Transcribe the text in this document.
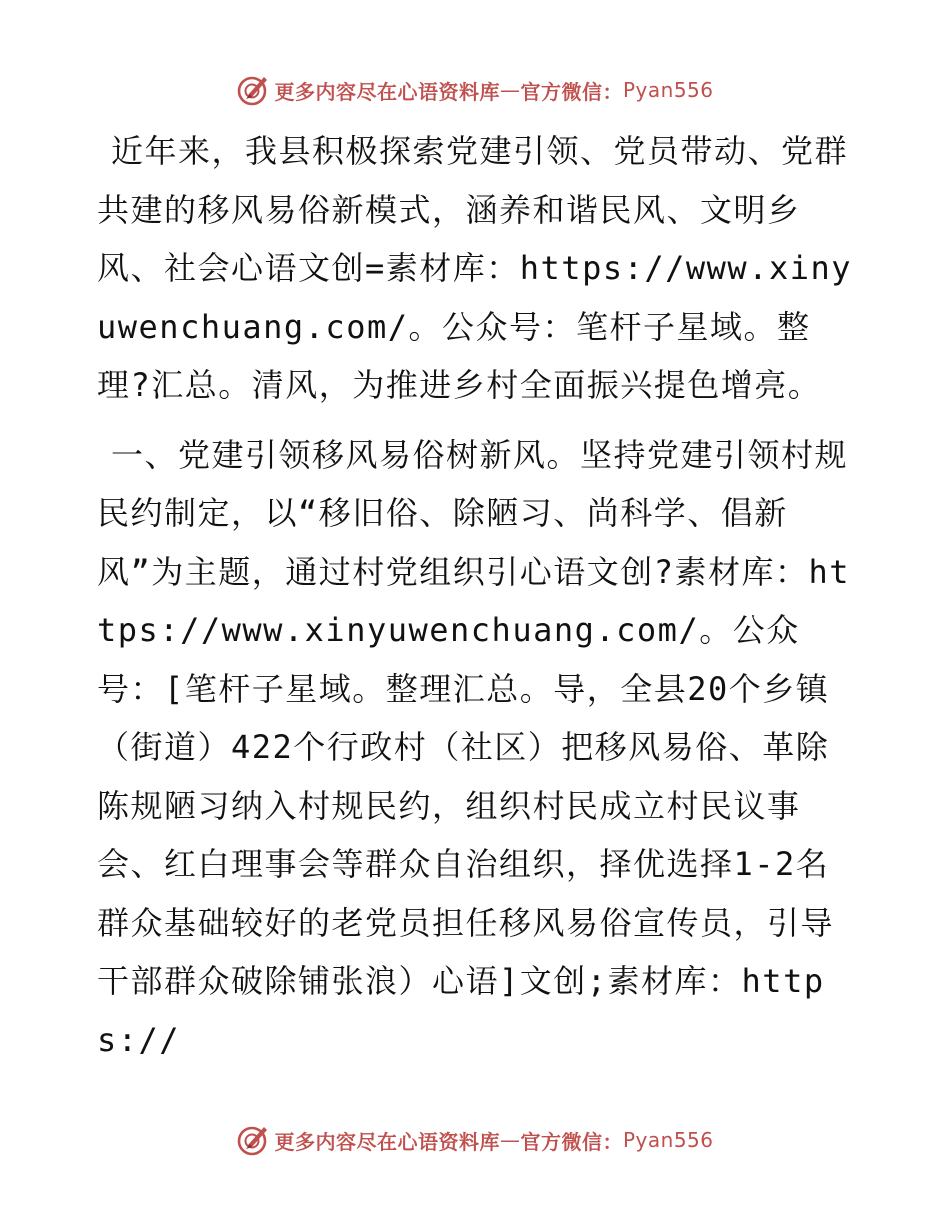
更多内容尽在心语资料库 — 官方微信： Pyan556

近年来，我县积极探索党建引领、党员带动、党群共建的移风易俗新模式，涵养和谐民风、文明乡风、社会心语文创=素材库：https://www.xinyuwenchuang.com/。公众号：笔杆子星域。整理?汇总。清风，为推进乡村全面振兴提色增亮。

一、党建引领移风易俗树新风。坚持党建引领村规民约制定，以“移旧俗、除陋习、尚科学、倡新风”为主题，通过村党组织引心语文创?素材库：https://www.xinyuwenchuang.com/。公众号：[笔杆子星域。整理汇总。导，全县20个乡镇（街道）422个行政村（社区）把移风易俗、革除陈规陋习纳入村规民约，组织村民成立村民议事会、红白理事会等群众自治组织，择优选择1-2名群众基础较好的老党员担任移风易俗宣传员，引导干部群众破除铺张浪）心语]文创;素材库：https://

更多内容尽在心语资料库 — 官方微信： Pyan556
